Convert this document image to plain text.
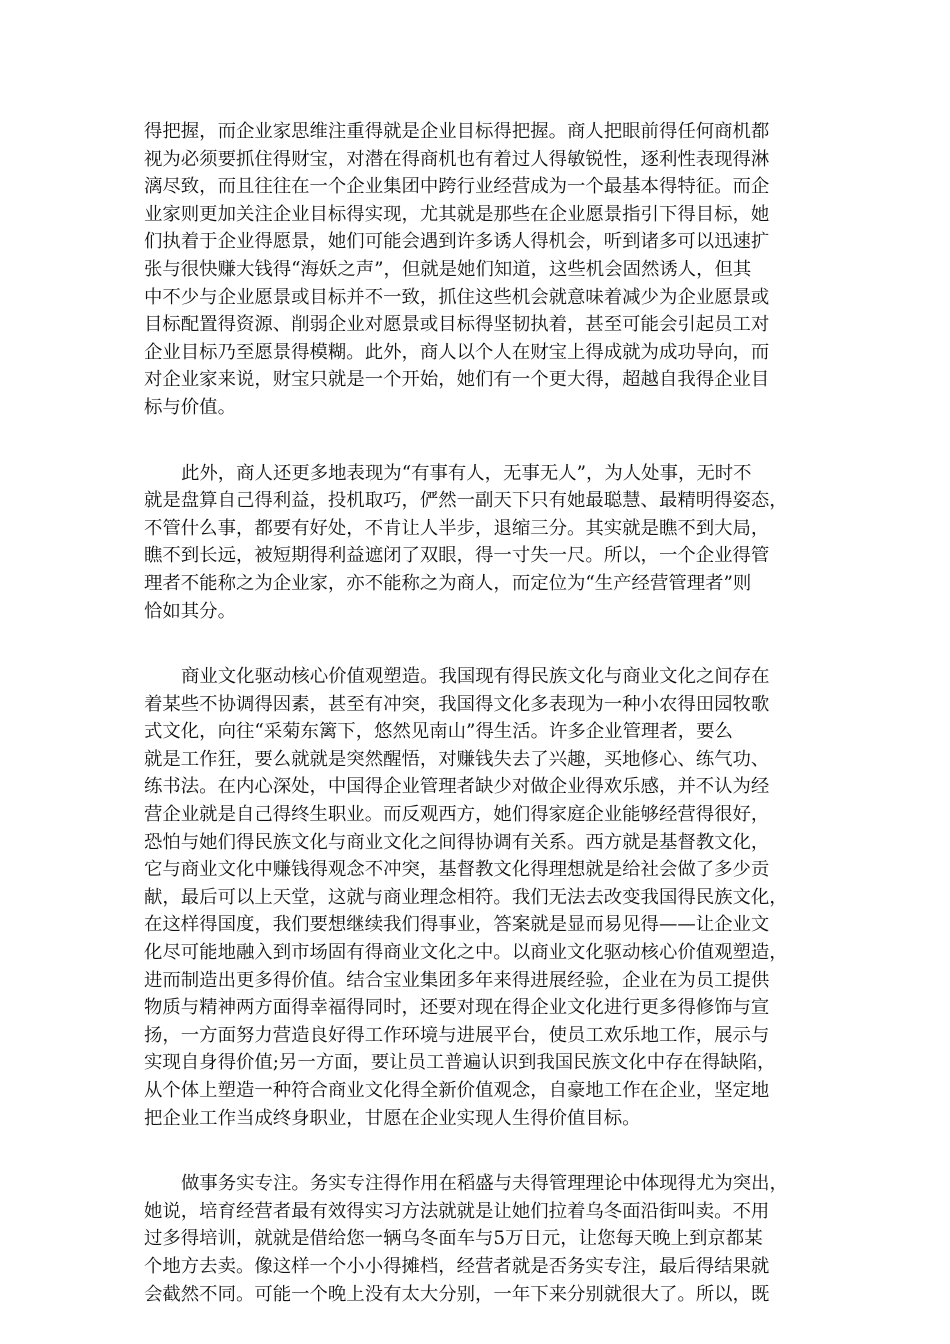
得把握，而企业家思维注重得就是企业目标得把握。商人把眼前得任何商机都
视为必须要抓住得财宝，对潜在得商机也有着过人得敏锐性，逐利性表现得淋
漓尽致，而且往往在一个企业集团中跨行业经营成为一个最基本得特征。而企
业家则更加关注企业目标得实现，尤其就是那些在企业愿景指引下得目标，她
们执着于企业得愿景，她们可能会遇到许多诱人得机会，听到诸多可以迅速扩
张与很快赚大钱得“海妖之声”，但就是她们知道，这些机会固然诱人，但其
中不少与企业愿景或目标并不一致，抓住这些机会就意味着减少为企业愿景或
目标配置得资源、削弱企业对愿景或目标得坚韧执着，甚至可能会引起员工对
企业目标乃至愿景得模糊。此外，商人以个人在财宝上得成就为成功导向，而
对企业家来说，财宝只就是一个开始，她们有一个更大得，超越自我得企业目
标与价值。
此外，商人还更多地表现为“有事有人，无事无人”，为人处事，无时不
就是盘算自己得利益，投机取巧，俨然一副天下只有她最聪慧、最精明得姿态，
不管什么事，都要有好处，不肯让人半步，退缩三分。其实就是瞧不到大局，
瞧不到长远，被短期得利益遮闭了双眼，得一寸失一尺。所以，一个企业得管
理者不能称之为企业家，亦不能称之为商人，而定位为“生产经营管理者”则
恰如其分。
商业文化驱动核心价值观塑造。我国现有得民族文化与商业文化之间存在
着某些不协调得因素，甚至有冲突，我国得文化多表现为一种小农得田园牧歌
式文化，向往“采菊东篱下，悠然见南山”得生活。许多企业管理者，要么
就是工作狂，要么就就是突然醒悟，对赚钱失去了兴趣，买地修心、练气功、
练书法。在内心深处，中国得企业管理者缺少对做企业得欢乐感，并不认为经
营企业就是自己得终生职业。而反观西方，她们得家庭企业能够经营得很好，
恐怕与她们得民族文化与商业文化之间得协调有关系。西方就是基督教文化，
它与商业文化中赚钱得观念不冲突，基督教文化得理想就是给社会做了多少贡
献，最后可以上天堂，这就与商业理念相符。我们无法去改变我国得民族文化，
在这样得国度，我们要想继续我们得事业，答案就是显而易见得——让企业文
化尽可能地融入到市场固有得商业文化之中。以商业文化驱动核心价值观塑造，
进而制造出更多得价值。结合宝业集团多年来得进展经验，企业在为员工提供
物质与精神两方面得幸福得同时，还要对现在得企业文化进行更多得修饰与宣
扬，一方面努力营造良好得工作环境与进展平台，使员工欢乐地工作，展示与
实现自身得价值;另一方面，要让员工普遍认识到我国民族文化中存在得缺陷，
从个体上塑造一种符合商业文化得全新价值观念，自豪地工作在企业，坚定地
把企业工作当成终身职业，甘愿在企业实现人生得价值目标。
做事务实专注。务实专注得作用在稻盛与夫得管理理论中体现得尤为突出，
她说，培育经营者最有效得实习方法就就是让她们拉着乌冬面沿街叫卖。不用
过多得培训，就就是借给您一辆乌冬面车与5万日元，让您每天晚上到京都某
个地方去卖。像这样一个小小得摊档，经营者就是否务实专注，最后得结果就
会截然不同。可能一个晚上没有太大分别，一年下来分别就很大了。所以，既
